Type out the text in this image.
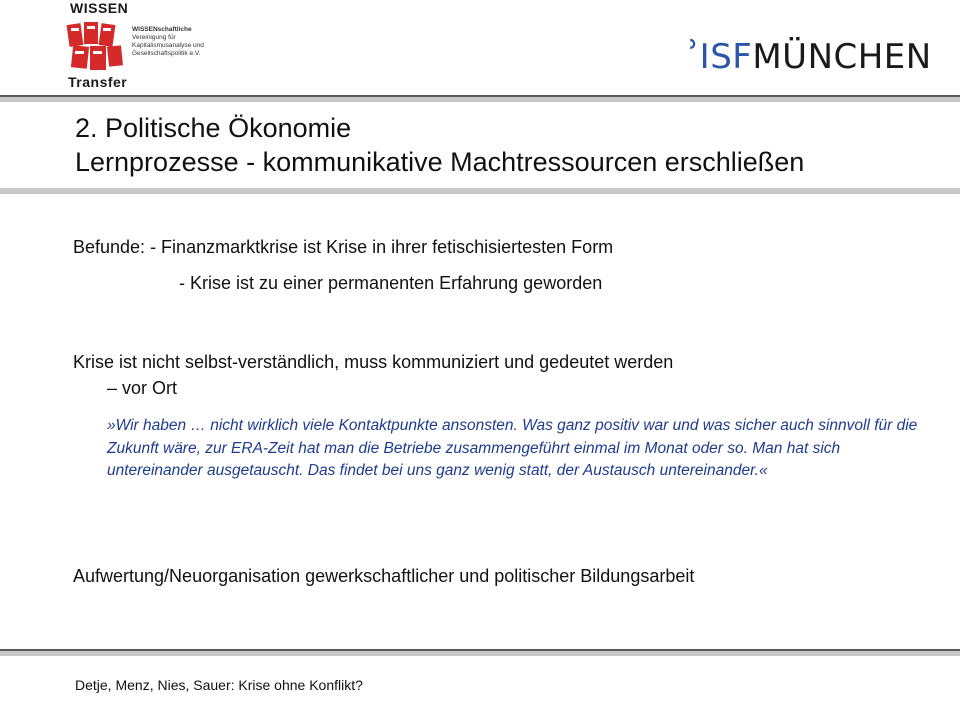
WISSEN
Transfer
WISSENschaftliche
Vereinigung für
Kapitalismusanalyse und
Gesellschaftspolitik e.V.	ʾISFMÜNCHEN
2. Politische Ökonomie
Lernprozesse - kommunikative Machtressourcen erschließen
Befunde: - Finanzmarktkrise ist Krise in ihrer fetischisiertesten Form
- Krise ist zu einer permanenten Erfahrung geworden
Krise ist nicht selbst-verständlich, muss kommuniziert und gedeutet werden
– vor Ort
»Wir haben … nicht wirklich viele Kontaktpunkte ansonsten. Was ganz positiv war und was sicher auch sinnvoll für die Zukunft wäre, zur ERA-Zeit hat man die Betriebe zusammengeführt einmal im Monat oder so. Man hat sich untereinander ausgetauscht. Das findet bei uns ganz wenig statt, der Austausch untereinander.«
Aufwertung/Neuorganisation gewerkschaftlicher und politischer Bildungsarbeit
Detje, Menz, Nies, Sauer: Krise ohne Konflikt?
